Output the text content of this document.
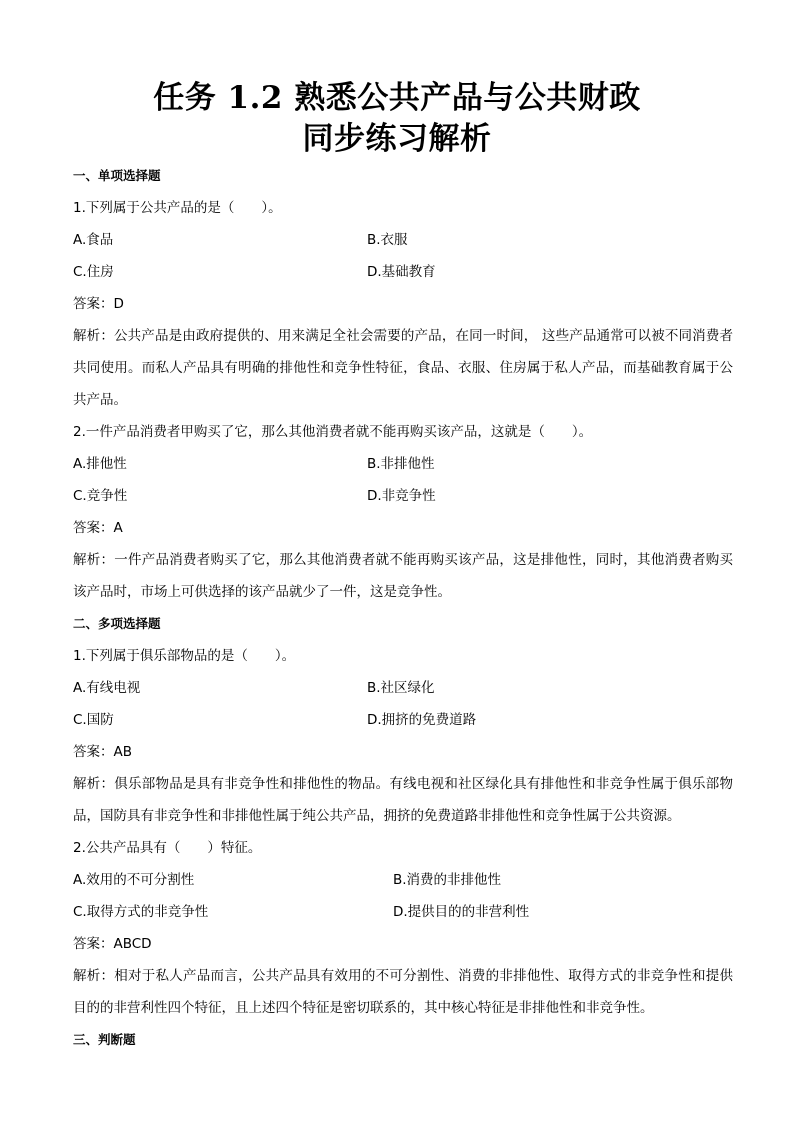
任务 1.2 熟悉公共产品与公共财政
同步练习解析
一、单项选择题
1.下列属于公共产品的是（　　）。
A.食品	B.衣服
C.住房	D.基础教育
答案：D
解析：公共产品是由政府提供的、用来满足全社会需要的产品，在同一时间， 这些产品通常可以被不同消费者共同使用。而私人产品具有明确的排他性和竞争性特征，食品、衣服、住房属于私人产品，而基础教育属于公共产品。
2.一件产品消费者甲购买了它，那么其他消费者就不能再购买该产品，这就是（　　）。
A.排他性	B.非排他性
C.竞争性	D.非竞争性
答案：A
解析：一件产品消费者购买了它，那么其他消费者就不能再购买该产品，这是排他性，同时，其他消费者购买该产品时，市场上可供选择的该产品就少了一件，这是竞争性。
二、多项选择题
1.下列属于俱乐部物品的是（　　）。
A.有线电视	B.社区绿化
C.国防	D.拥挤的免费道路
答案：AB
解析：俱乐部物品是具有非竞争性和排他性的物品。有线电视和社区绿化具有排他性和非竞争性属于俱乐部物品，国防具有非竞争性和非排他性属于纯公共产品，拥挤的免费道路非排他性和竞争性属于公共资源。
2.公共产品具有（　　）特征。
A.效用的不可分割性	B.消费的非排他性
C.取得方式的非竞争性	D.提供目的的非营利性
答案：ABCD
解析：相对于私人产品而言，公共产品具有效用的不可分割性、消费的非排他性、取得方式的非竞争性和提供目的的非营利性四个特征，且上述四个特征是密切联系的，其中核心特征是非排他性和非竞争性。
三、判断题
